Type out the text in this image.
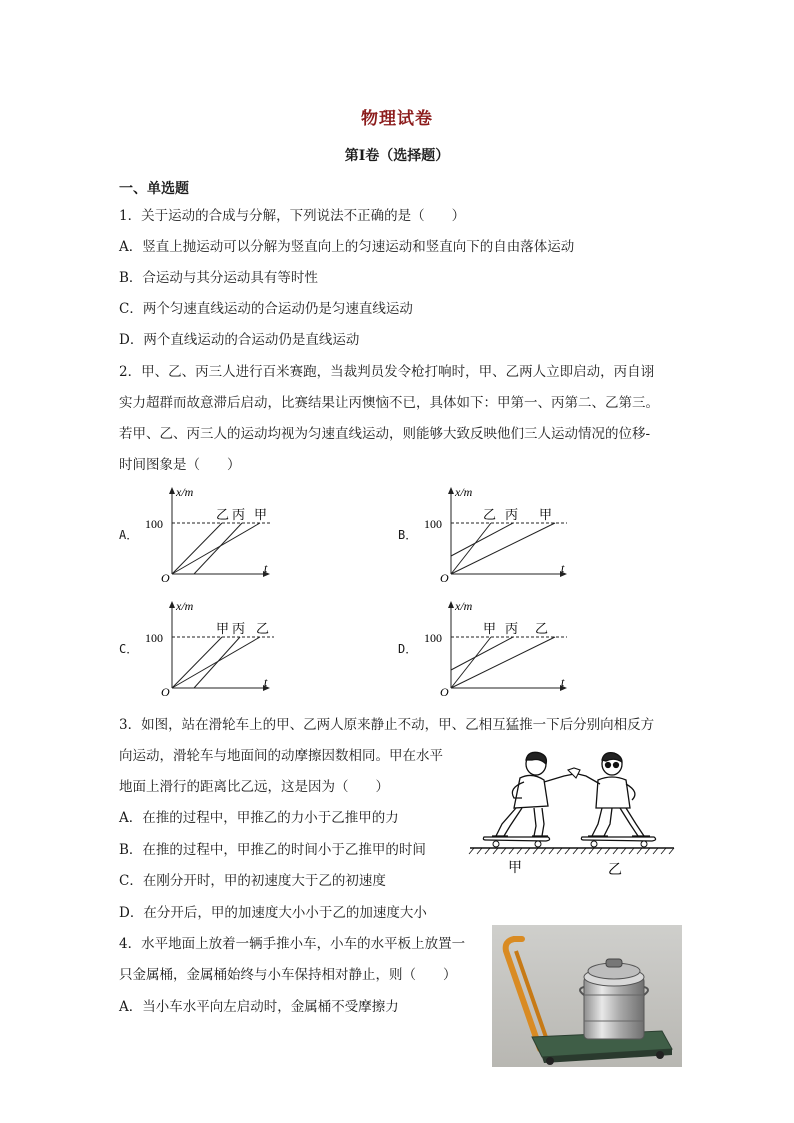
物理试卷
第I卷（选择题）
一、单选题
1．关于运动的合成与分解，下列说法不正确的是（　　）
A．竖直上抛运动可以分解为竖直向上的匀速运动和竖直向下的自由落体运动
B．合运动与其分运动具有等时性
C．两个匀速直线运动的合运动仍是匀速直线运动
D．两个直线运动的合运动仍是直线运动
2．甲、乙、丙三人进行百米赛跑，当裁判员发令枪打响时，甲、乙两人立即启动，丙自诩
实力超群而故意滞后启动，比赛结果让丙懊恼不已，具体如下：甲第一、丙第二、乙第三。
若甲、乙、丙三人的运动均视为匀速直线运动，则能够大致反映他们三人运动情况的位移-
时间图象是（　　）
A．
x/m
100
O
t
乙 丙 甲
B．
x/m
100
O
t
乙 丙 甲
C．
x/m
100
O
t
甲 丙 乙
D．
x/m
100
O
t
甲 丙 乙
3．如图，站在滑轮车上的甲、乙两人原来静止不动，甲、乙相互猛推一下后分别向相反方
向运动，滑轮车与地面间的动摩擦因数相同。甲在水平
地面上滑行的距离比乙远，这是因为（　　）
A．在推的过程中，甲推乙的力小于乙推甲的力
B．在推的过程中，甲推乙的时间小于乙推甲的时间
C．在刚分开时，甲的初速度大于乙的初速度
D．在分开后，甲的加速度大小小于乙的加速度大小
甲	乙
4．水平地面上放着一辆手推小车，小车的水平板上放置一
只金属桶，金属桶始终与小车保持相对静止，则（　　）
A．当小车水平向左启动时，金属桶不受摩擦力
